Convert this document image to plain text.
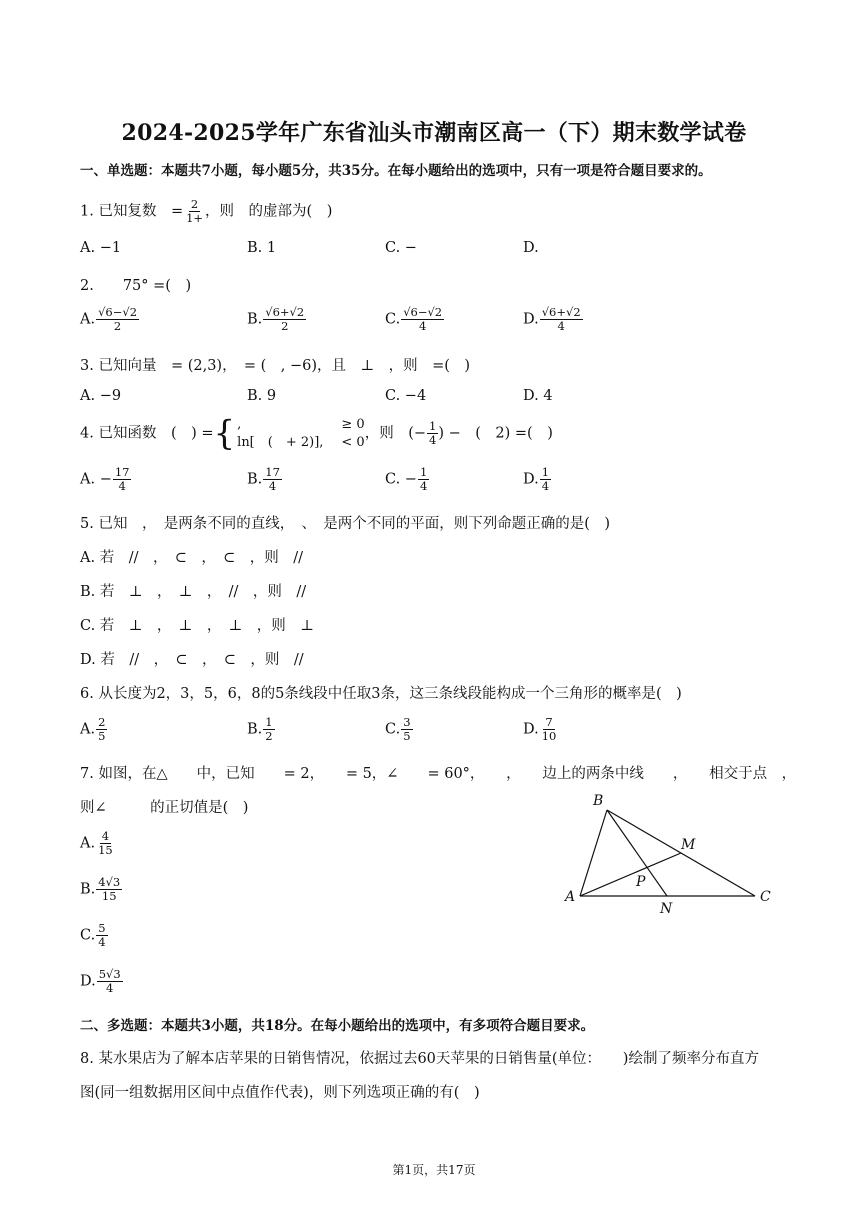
2024-2025学年广东省汕头市潮南区高一（下）期末数学试卷
一、单选题：本题共7小题，每小题5分，共35分。在每小题给出的选项中，只有一项是符合题目要求的。
1. 已知复数　= $\frac{2}{1+}$ ，则　的虚部为(　)
A. −1	B. 1	C. −	D.
2.　　75° =(　)
A. $\frac{√6-√2}{2}$	B. $\frac{√6+√2}{2}$	C. $\frac{√6-√2}{4}$	D. $\frac{√6+√2}{4}$
3. 已知向量　= (2,3)，　= (　, −6)，且　⊥　，则　=(　)
A. −9	B. 9	C. −4	D. 4
4. 已知函数　(　) ={ ,
ln[　(　+ 2)],
≥ 0
< 0
，则　(− $\frac{1}{4}$ ) −　(　2) =(　)
A. − $\frac{17}{4}$	B. $\frac{17}{4}$	C. − $\frac{1}{4}$	D. $\frac{1}{4}$
5. 已知　，　是两条不同的直线，　、　是两个不同的平面，则下列命题正确的是(　)
A. 若　//　，　⊂　，　⊂　，则　//
B. 若　⊥　，　⊥　，　//　，则　//
C. 若　⊥　，　⊥　，　⊥　，则　⊥
D. 若　//　，　⊂　，　⊂　，则　//
6. 从长度为2，3，5，6，8的5条线段中任取3条，这三条线段能构成一个三角形的概率是(　)
A. $\frac{2}{5}$	B. $\frac{1}{2}$	C. $\frac{3}{5}$	D. $\frac{7}{10}$
7. 如图，在△　　中，已知　　= 2，　　= 5，∠　　= 60°，　　，　　边上的两条中线　　，　　相交于点　，
则∠　　　的正切值是(　)
A. $\frac{4}{15}$
B. $\frac{4√3}{15}$
C. $\frac{5}{4}$
D. $\frac{5√3}{4}$
B
M
P
A
N
C
二、多选题：本题共3小题，共18分。在每小题给出的选项中，有多项符合题目要求。
8. 某水果店为了解本店苹果的日销售情况，依据过去60天苹果的日销售量(单位：　　)绘制了频率分布直方
图(同一组数据用区间中点值作代表)，则下列选项正确的有(　)
第1页，共17页
